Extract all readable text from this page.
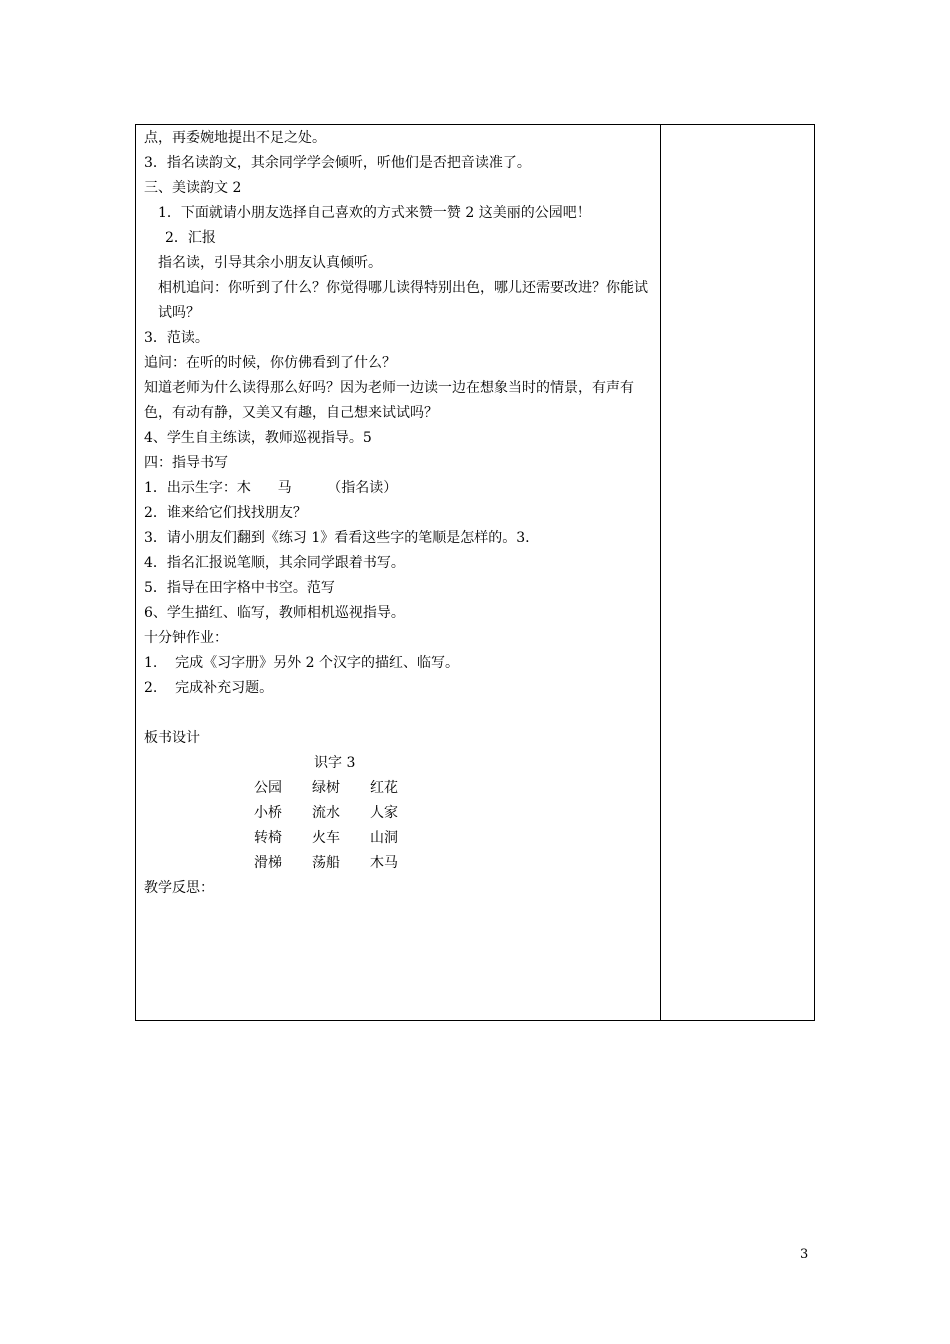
点，再委婉地提出不足之处。
3．指名读韵文，其余同学学会倾听，听他们是否把音读准了。
三、美读韵文 2
1．下面就请小朋友选择自己喜欢的方式来赞一赞 2 这美丽的公园吧！
2．汇报
指名读，引导其余小朋友认真倾听。
相机追问：你听到了什么？你觉得哪儿读得特别出色，哪儿还需要改进？你能试试吗？
3．范读。
追问：在听的时候，你仿佛看到了什么？
知道老师为什么读得那么好吗？因为老师一边读一边在想象当时的情景，有声有色，有动有静，又美又有趣，自己想来试试吗？
4、学生自主练读，教师巡视指导。5
四：指导书写
1．出示生字：木      马        （指名读）
2．谁来给它们找找朋友？
3．请小朋友们翻到《练习 1》看看这些字的笔顺是怎样的。3.
4．指名汇报说笔顺，其余同学跟着书写。
5．指导在田字格中书空。范写
6、学生描红、临写，教师相机巡视指导。
十分钟作业：
1.    完成《习字册》另外 2 个汉字的描红、临写。
2.    完成补充习题。
板书设计
识字 3
公园	绿树	红花
小桥	流水	人家
转椅	火车	山洞
滑梯	荡船	木马
教学反思：
3
